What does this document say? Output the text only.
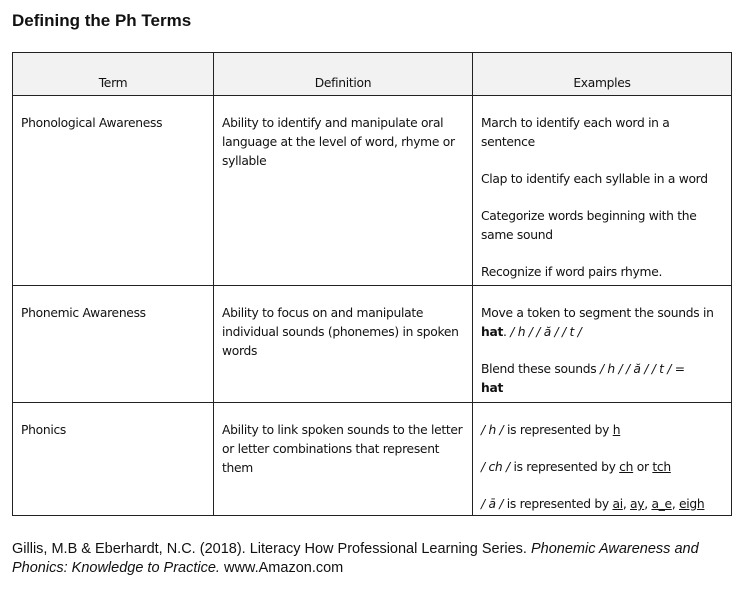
Defining the Ph Terms
Term	Definition	Examples
Phonological Awareness	Ability to identify and manipulate oral language at the level of word, rhyme or syllable	March to identify each word in a sentence

Clap to identify each syllable in a word

Categorize words beginning with the same sound

Recognize if word pairs rhyme.

Phonemic Awareness	Ability to focus on and manipulate individual sounds (phonemes) in spoken words	Move a token to segment the sounds in hat. / h / / ă / / t /

Blend these sounds / h / / ă / / t / =
hat

Phonics	Ability to link spoken sounds to the letter or letter combinations that represent them	/ h / is represented by h

/ ch / is represented by ch or tch

/ ā / is represented by ai, ay, a_e, eigh

Gillis, M.B & Eberhardt, N.C. (2018). Literacy How Professional Learning Series. Phonemic Awareness and Phonics: Knowledge to Practice. www.Amazon.com
